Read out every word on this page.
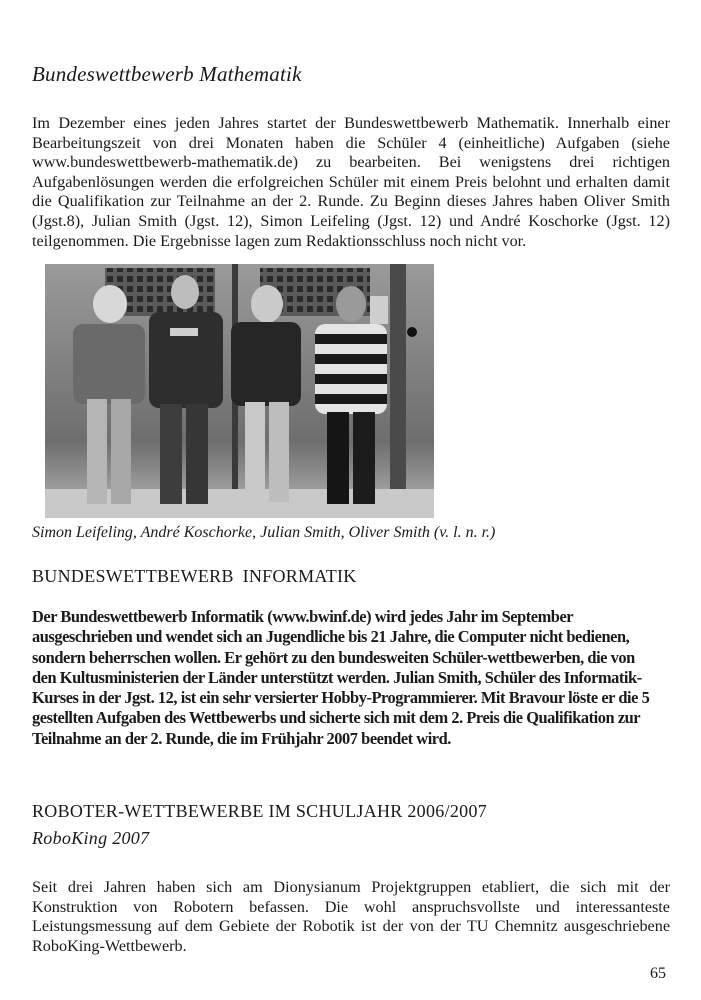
Bundeswettbewerb Mathematik
Im Dezember eines jeden Jahres startet der Bundeswettbewerb Mathematik. Innerhalb einer Bearbeitungszeit von drei Monaten haben die Schüler 4 (einheitliche) Aufgaben (siehe www.bundeswettbewerb-mathematik.de) zu bearbeiten. Bei wenigstens drei richtigen Aufgabenlösungen werden die erfolgreichen Schüler mit einem Preis belohnt und erhalten damit die Qualifikation zur Teilnahme an der 2. Runde. Zu Beginn dieses Jahres haben Oliver Smith (Jgst.8), Julian Smith (Jgst. 12), Simon Leifeling (Jgst. 12) und André Koschorke (Jgst. 12) teilgenommen. Die Ergebnisse lagen zum Redaktionsschluss noch nicht vor.
Simon Leifeling, André Koschorke, Julian Smith, Oliver Smith (v. l. n. r.)
BUNDESWETTBEWERB INFORMATIK
Der Bundeswettbewerb Informatik (www.bwinf.de) wird jedes Jahr im September ausgeschrieben und wendet sich an Jugendliche bis 21 Jahre, die Computer nicht bedienen, sondern beherrschen wollen. Er gehört zu den bundesweiten Schüler-wettbewerben, die von den Kultusministerien der Länder unterstützt werden. Julian Smith, Schüler des Informatik-Kurses in der Jgst. 12, ist ein sehr versierter Hobby-Programmierer. Mit Bravour löste er die 5 gestellten Aufgaben des Wettbewerbs und sicherte sich mit dem 2. Preis die Qualifikation zur Teilnahme an der 2. Runde, die im Frühjahr 2007 beendet wird.
ROBOTER-WETTBEWERBE IM SCHULJAHR 2006/2007
RoboKing 2007
Seit drei Jahren haben sich am Dionysianum Projektgruppen etabliert, die sich mit der Konstruktion von Robotern befassen. Die wohl anspruchsvollste und interessanteste Leistungsmessung auf dem Gebiete der Robotik ist der von der TU Chemnitz ausgeschriebene RoboKing-Wettbewerb.
65
